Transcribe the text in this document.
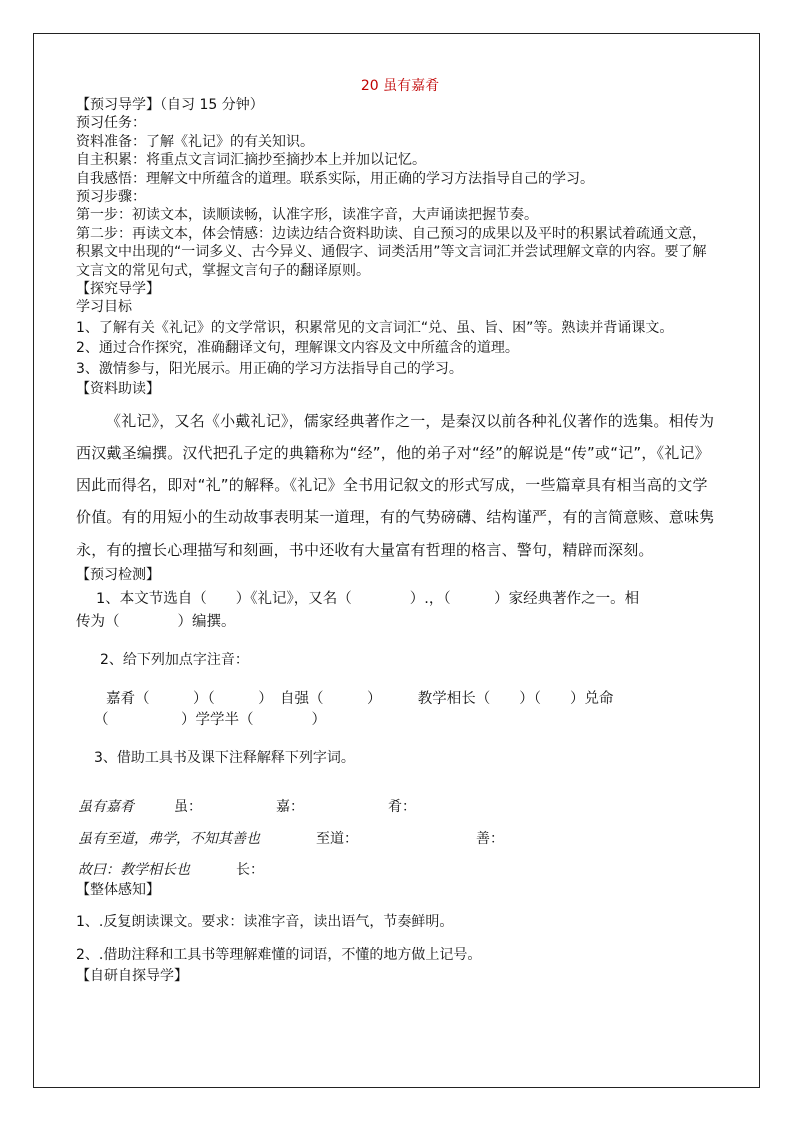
20 虽有嘉肴
【预习导学】（自习 15 分钟）
预习任务：
资料准备：了解《礼记》的有关知识。
自主积累：将重点文言词汇摘抄至摘抄本上并加以记忆。
自我感悟：理解文中所蕴含的道理。联系实际，用正确的学习方法指导自己的学习。
预习步骤：
第一步：初读文本，读顺读畅，认准字形，读准字音，大声诵读把握节奏。
第二步：再读文本，体会情感：边读边结合资料助读、自己预习的成果以及平时的积累试着疏通文意，积累文中出现的“一词多义、古今异义、通假字、词类活用”等文言词汇并尝试理解文章的内容。要了解文言文的常见句式，掌握文言句子的翻译原则。
【探究导学】
学习目标
1、了解有关《礼记》的文学常识，积累常见的文言词汇“兑、虽、旨、困”等。熟读并背诵课文。
2、通过合作探究，准确翻译文句，理解课文内容及文中所蕴含的道理。
3、激情参与，阳光展示。用正确的学习方法指导自己的学习。
【资料助读】
《礼记》，又名《小戴礼记》，儒家经典著作之一，是秦汉以前各种礼仪著作的选集。相传为西汉戴圣编撰。汉代把孔子定的典籍称为“经”，他的弟子对“经”的解说是“传”或“记”，《礼记》因此而得名，即对“礼”的解释。《礼记》全书用记叙文的形式写成，一些篇章具有相当高的文学价值。有的用短小的生动故事表明某一道理，有的气势磅礴、结构谨严，有的言简意赅、意味隽永，有的擅长心理描写和刻画，书中还收有大量富有哲理的格言、警句，精辟而深刻。
【预习检测】
1、本文节选自（　　）《礼记》，又名（　　　　）.，（　　　）家经典著作之一。相
传为（　　　　）编撰。
2、给下列加点字注音：
嘉肴（　　　）（　　　）　自强（　　　）　　　教学相长（　　）（　　）兑命
（　　　　　）学学半（　　　　）
3、借助工具书及课下注释解释下列字词。
虽有嘉肴	虽：	嘉：	肴：
虽有至道，弗学，不知其善也	至道：	善：
故曰：教学相长也	长：
【整体感知】
1、.反复朗读课文。要求：读准字音，读出语气，节奏鲜明。
2、.借助注释和工具书等理解难懂的词语，不懂的地方做上记号。
【自研自探导学】
